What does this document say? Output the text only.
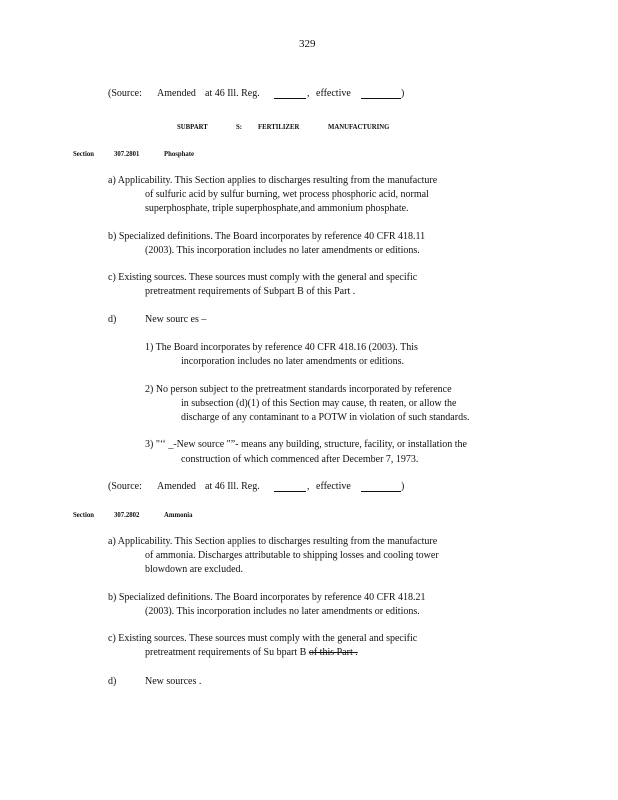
329
(Source: Amended at 46 Ill. Reg.	, effective	)
SUBPART	S: FERTILIZER	MANUFACTURING
Section	307.2801	Phosphate
a) Applicability. This Section applies to discharges resulting from the manufacture
of sulfuric acid by sulfur burning, wet process phosphoric acid, normal
superphosphate, triple superphosphate,and ammonium phosphate.
b) Specialized definitions. The Board incorporates by reference 40 CFR 418.11
(2003). This incorporation includes no later amendments or editions.
c) Existing sources. These sources must comply with the general and specific
pretreatment requirements of Subpart B of this Part .
d)	New sourc es –
1) The Board incorporates by reference 40 CFR 418.16 (2003). This
incorporation includes no later amendments or editions.
2) No person subject to the pretreatment standards incorporated by reference
in subsection (d)(1) of this Section may cause, th reaten, or allow the
discharge of any contaminant to a POTW in violation of such standards.
3) "‘‘ _-New source "”- means any building, structure, facility, or installation the
construction of which commenced after December 7, 1973.
(Source: Amended at 46 Ill. Reg.	, effective	)
Section	307.2802	Ammonia
a) Applicability. This Section applies to discharges resulting from the manufacture
of ammonia. Discharges attributable to shipping losses and cooling tower
blowdown are excluded.
b) Specialized definitions. The Board incorporates by reference 40 CFR 418.21
(2003). This incorporation includes no later amendments or editions.
c) Existing sources. These sources must comply with the general and specific
pretreatment requirements of Su bpart B of this Part .
d)	New sources .
